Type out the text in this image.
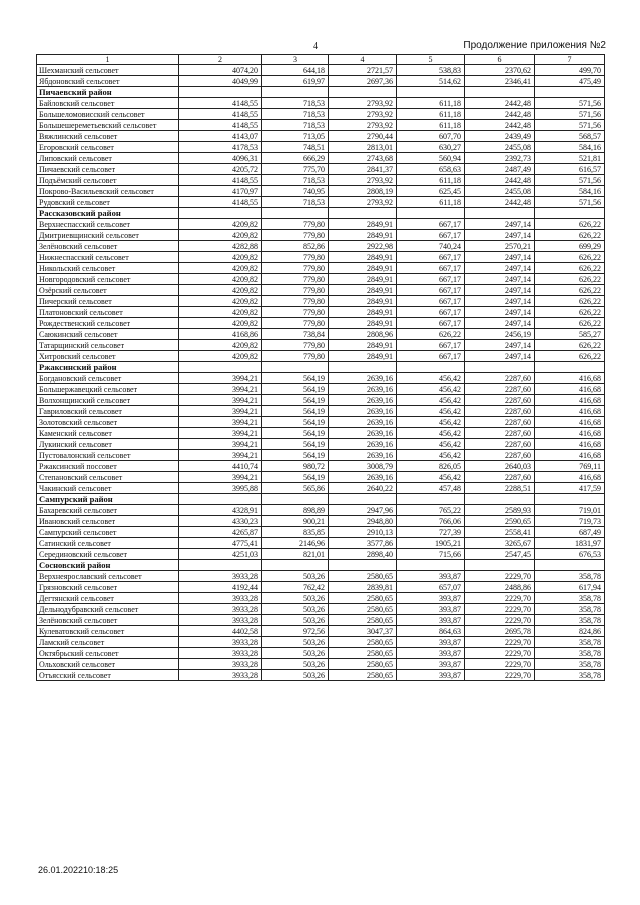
4	Продолжение приложения №2
1	2	3	4	5	6	7
Шехманский сельсовет	4074,20	644,18	2721,57	538,83	2370,62	499,70
Ябдоновский сельсовет	4049,99	619,97	2697,36	514,62	2346,41	475,49
Пичаевский район						
Байловский сельсовет	4148,55	718,53	2793,92	611,18	2442,48	571,56
Большеломовисский сельсовет	4148,55	718,53	2793,92	611,18	2442,48	571,56
Большешереметьевский сельсовет	4148,55	718,53	2793,92	611,18	2442,48	571,56
Вяжлинский сельсовет	4143,07	713,05	2790,44	607,70	2439,49	568,57
Егоровский сельсовет	4178,53	748,51	2813,01	630,27	2455,08	584,16
Липовский сельсовет	4096,31	666,29	2743,68	560,94	2392,73	521,81
Пичаевский сельсовет	4205,72	775,70	2841,37	658,63	2487,49	616,57
Подъёмский сельсовет	4148,55	718,53	2793,92	611,18	2442,48	571,56
Покрово-Васильевский сельсовет	4170,97	740,95	2808,19	625,45	2455,08	584,16
Рудовский сельсовет	4148,55	718,53	2793,92	611,18	2442,48	571,56
Рассказовский район						
Верхнеспасский сельсовет	4209,82	779,80	2849,91	667,17	2497,14	626,22
Дмитриевщинский сельсовет	4209,82	779,80	2849,91	667,17	2497,14	626,22
Зелёновский сельсовет	4282,88	852,86	2922,98	740,24	2570,21	699,29
Нижнеспасский сельсовет	4209,82	779,80	2849,91	667,17	2497,14	626,22
Никольский сельсовет	4209,82	779,80	2849,91	667,17	2497,14	626,22
Новгородовский сельсовет	4209,82	779,80	2849,91	667,17	2497,14	626,22
Озёрский сельсовет	4209,82	779,80	2849,91	667,17	2497,14	626,22
Пичерский сельсовет	4209,82	779,80	2849,91	667,17	2497,14	626,22
Платоновский сельсовет	4209,82	779,80	2849,91	667,17	2497,14	626,22
Рождественский сельсовет	4209,82	779,80	2849,91	667,17	2497,14	626,22
Саюкинский сельсовет	4168,86	738,84	2808,96	626,22	2456,19	585,27
Татарщинский сельсовет	4209,82	779,80	2849,91	667,17	2497,14	626,22
Хитровский сельсовет	4209,82	779,80	2849,91	667,17	2497,14	626,22
Ржаксинский район						
Богдановский сельсовет	3994,21	564,19	2639,16	456,42	2287,60	416,68
Большержавецкий сельсовет	3994,21	564,19	2639,16	456,42	2287,60	416,68
Волхонщинский сельсовет	3994,21	564,19	2639,16	456,42	2287,60	416,68
Гавриловский сельсовет	3994,21	564,19	2639,16	456,42	2287,60	416,68
Золотовский сельсовет	3994,21	564,19	2639,16	456,42	2287,60	416,68
Каменский сельсовет	3994,21	564,19	2639,16	456,42	2287,60	416,68
Лукинский сельсовет	3994,21	564,19	2639,16	456,42	2287,60	416,68
Пустовалонский сельсовет	3994,21	564,19	2639,16	456,42	2287,60	416,68
Ржаксинский поссовет	4410,74	980,72	3008,79	826,05	2640,03	769,11
Степановский сельсовет	3994,21	564,19	2639,16	456,42	2287,60	416,68
Чакинский сельсовет	3995,88	565,86	2640,22	457,48	2288,51	417,59
Сампурский район						
Бахаревский сельсовет	4328,91	898,89	2947,96	765,22	2589,93	719,01
Ивановский сельсовет	4330,23	900,21	2948,80	766,06	2590,65	719,73
Сампурский сельсовет	4265,87	835,85	2910,13	727,39	2558,41	687,49
Сатинский сельсовет	4775,41	2146,96	3577,86	1905,21	3265,67	1831,97
Серединовский сельсовет	4251,03	821,01	2898,40	715,66	2547,45	676,53
Сосновский район						
Верхнеярославский сельсовет	3933,28	503,26	2580,65	393,87	2229,70	358,78
Грязновский сельсовет	4192,44	762,42	2839,81	657,07	2488,86	617,94
Дегтянский сельсовет	3933,28	503,26	2580,65	393,87	2229,70	358,78
Дельнодубравский сельсовет	3933,28	503,26	2580,65	393,87	2229,70	358,78
Зелёновский сельсовет	3933,28	503,26	2580,65	393,87	2229,70	358,78
Кулеватовский сельсовет	4402,58	972,56	3047,37	864,63	2695,78	824,86
Ламский сельсовет	3933,28	503,26	2580,65	393,87	2229,70	358,78
Октябрьский сельсовет	3933,28	503,26	2580,65	393,87	2229,70	358,78
Ольховский сельсовет	3933,28	503,26	2580,65	393,87	2229,70	358,78
Отъясский сельсовет	3933,28	503,26	2580,65	393,87	2229,70	358,78
26.01.202210:18:25
